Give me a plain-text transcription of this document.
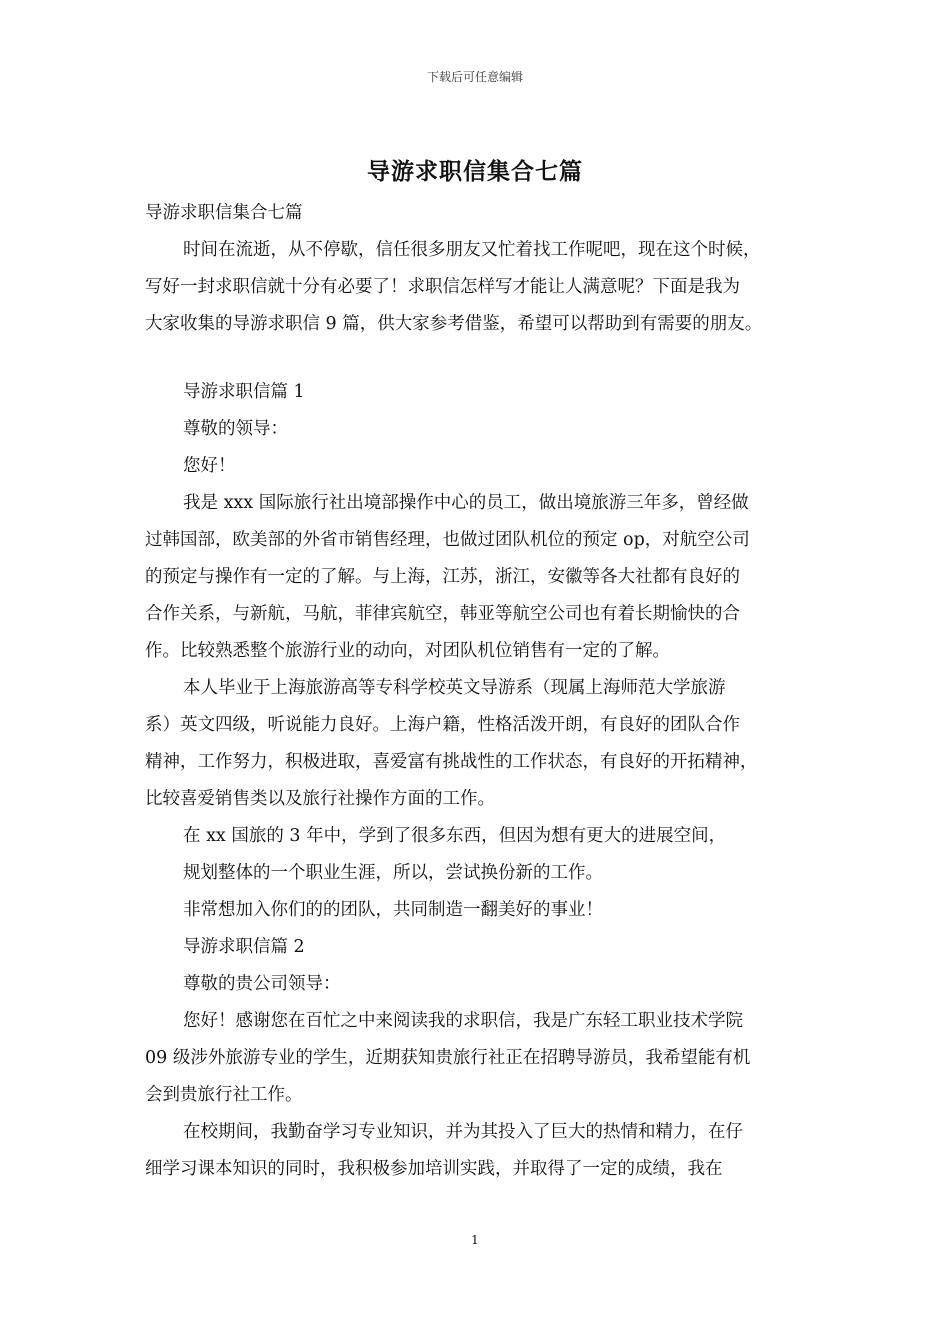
下载后可任意编辑
导游求职信集合七篇

导游求职信集合七篇

时间在流逝，从不停歇，信任很多朋友又忙着找工作呢吧，现在这个时候，

写好一封求职信就十分有必要了！求职信怎样写才能让人满意呢？下面是我为

大家收集的导游求职信 9 篇，供大家参考借鉴，希望可以帮助到有需要的朋友。

导游求职信篇 1

尊敬的领导：

您好！

我是 xxx 国际旅行社出境部操作中心的员工，做出境旅游三年多，曾经做

过韩国部，欧美部的外省市销售经理，也做过团队机位的预定 op，对航空公司

的预定与操作有一定的了解。与上海，江苏，浙江，安徽等各大社都有良好的

合作关系，与新航，马航，菲律宾航空，韩亚等航空公司也有着长期愉快的合

作。比较熟悉整个旅游行业的动向，对团队机位销售有一定的了解。

本人毕业于上海旅游高等专科学校英文导游系（现属上海师范大学旅游

系）英文四级，听说能力良好。上海户籍，性格活泼开朗，有良好的团队合作

精神，工作努力，积极进取，喜爱富有挑战性的工作状态，有良好的开拓精神，

比较喜爱销售类以及旅行社操作方面的工作。

在 xx 国旅的 3 年中，学到了很多东西，但因为想有更大的进展空间，

规划整体的一个职业生涯，所以，尝试换份新的工作。

非常想加入你们的的团队，共同制造一翻美好的事业！

导游求职信篇 2

尊敬的贵公司领导：

您好！感谢您在百忙之中来阅读我的求职信，我是广东轻工职业技术学院

09 级涉外旅游专业的学生，近期获知贵旅行社正在招聘导游员，我希望能有机

会到贵旅行社工作。

在校期间，我勤奋学习专业知识，并为其投入了巨大的热情和精力，在仔

细学习课本知识的同时，我积极参加培训实践，并取得了一定的成绩，我在

1
